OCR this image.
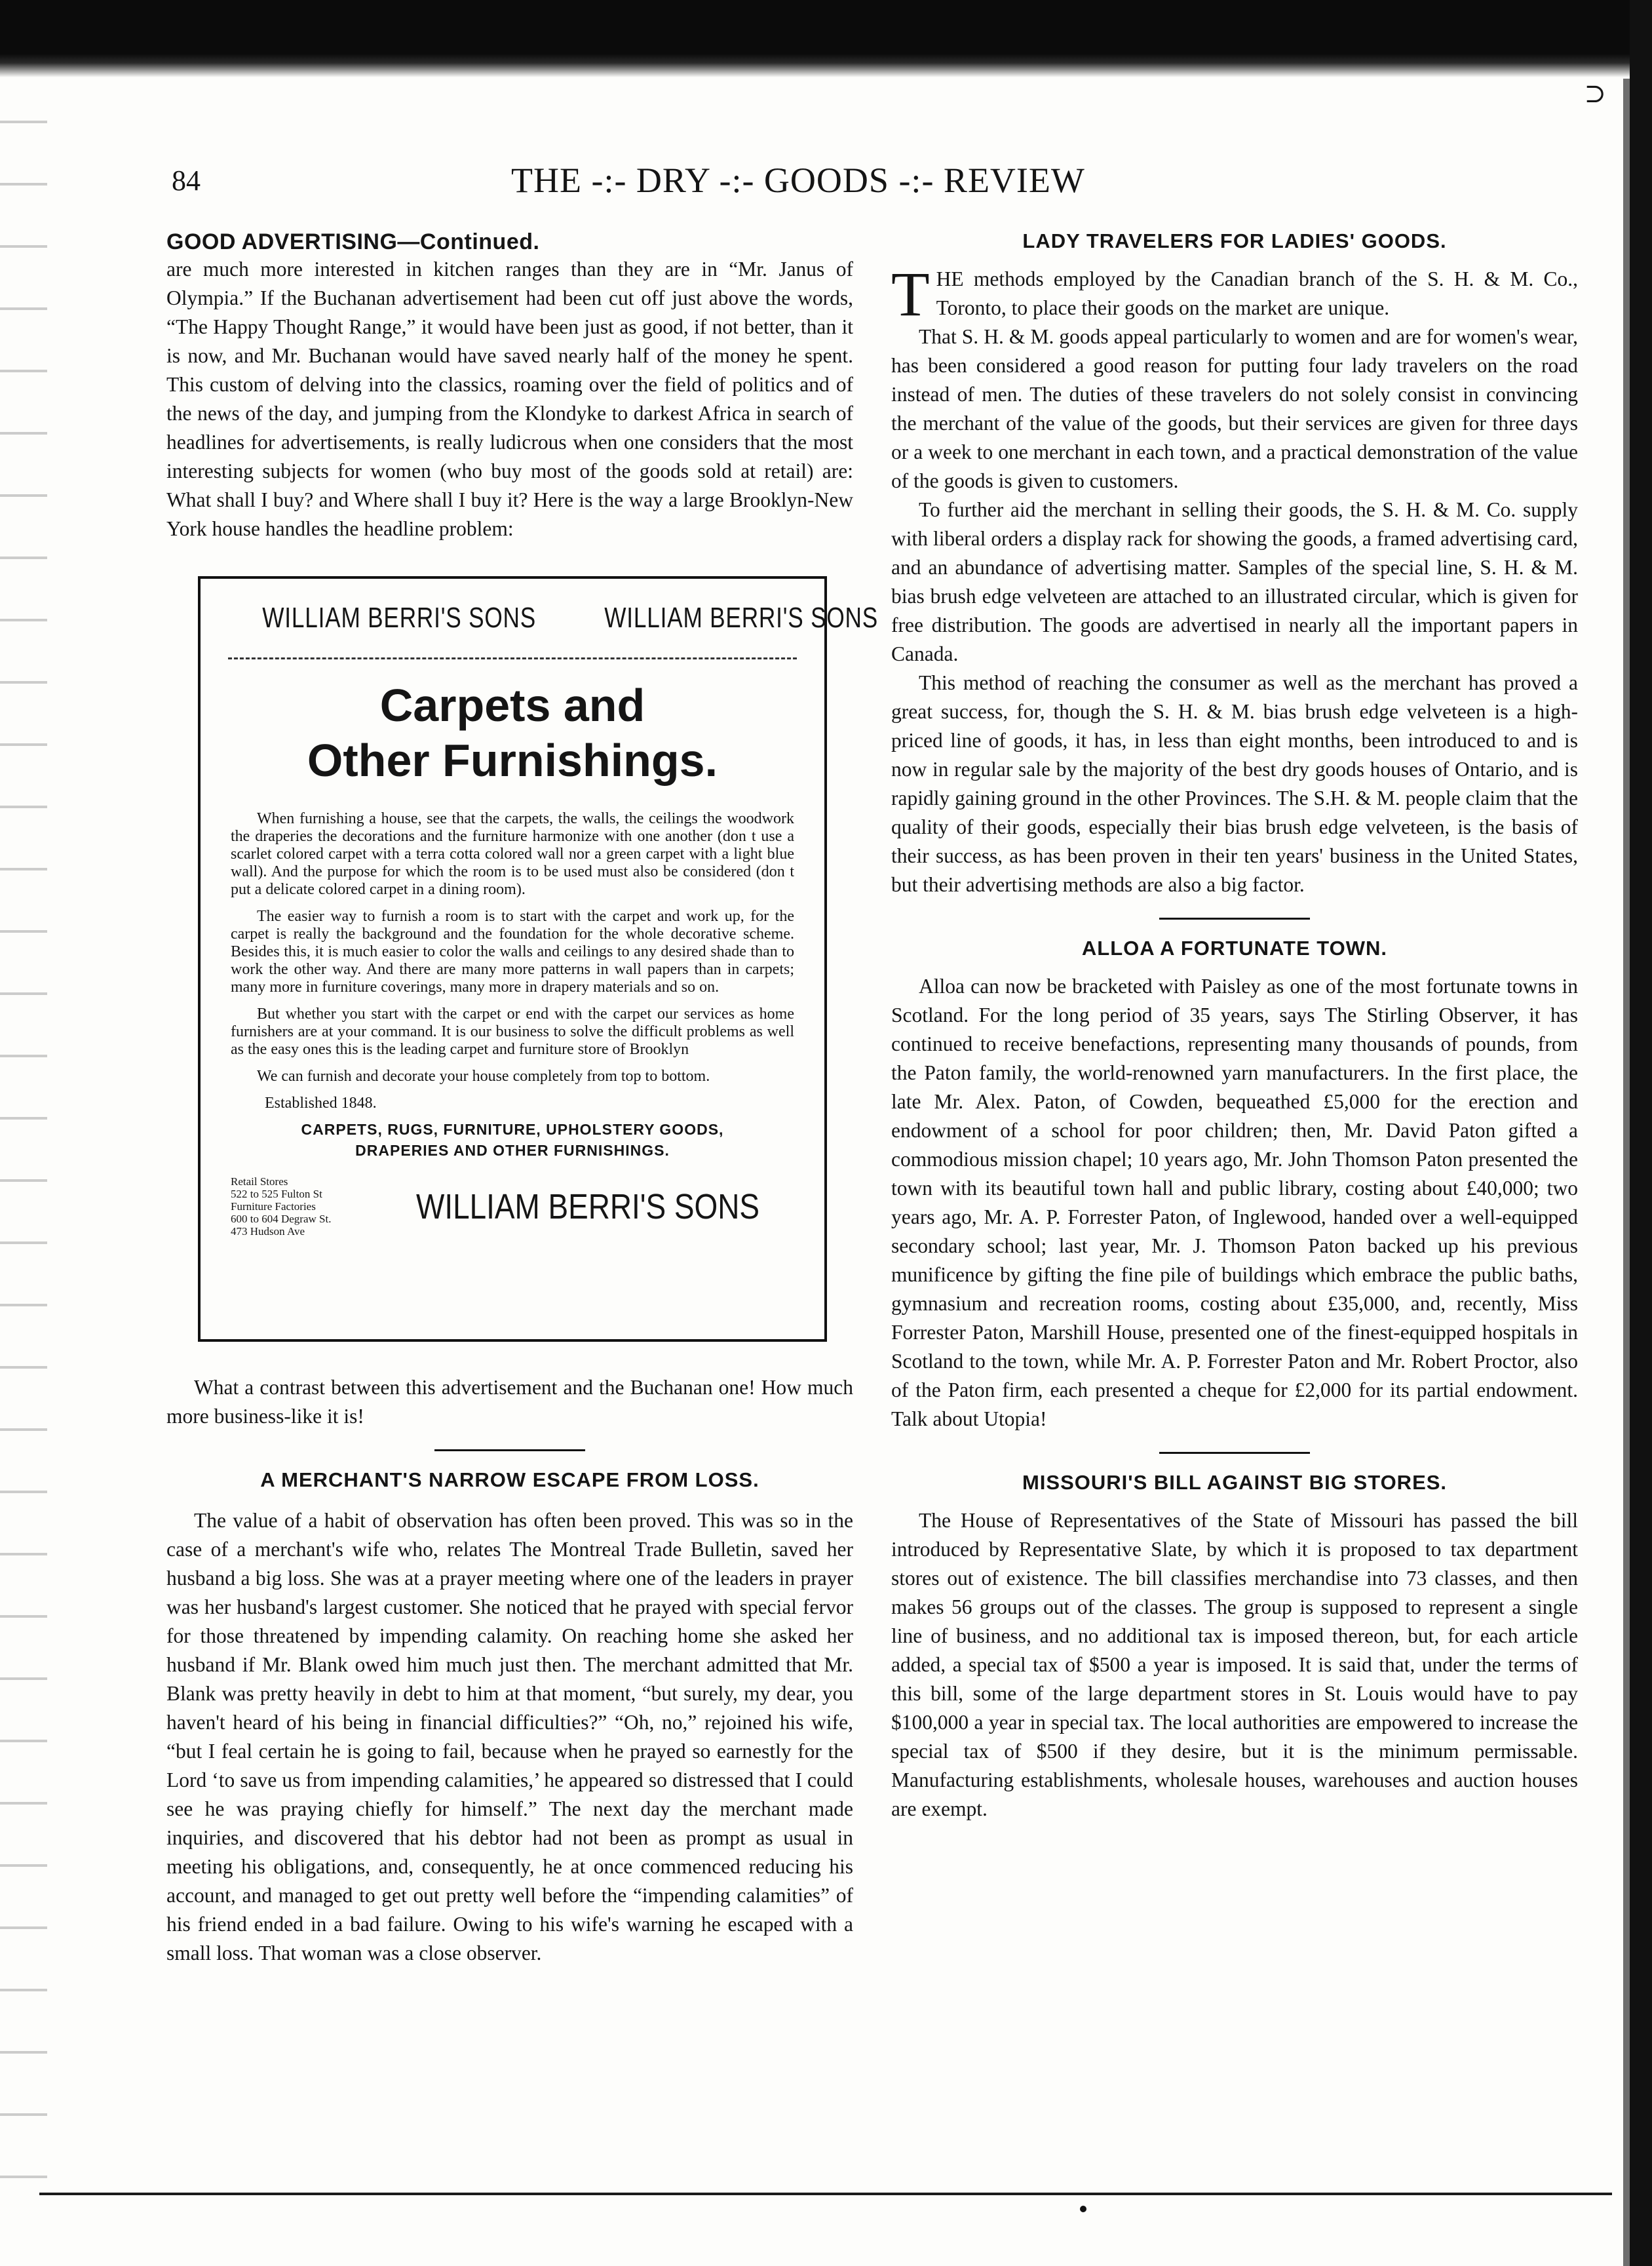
⊃
84	THE -:- DRY -:- GOODS -:- REVIEW
GOOD ADVERTISING—Continued.

are much more interested in kitchen ranges than they are in “Mr. Janus of Olympia.” If the Buchanan advertisement had been cut off just above the words, “The Happy Thought Range,” it would have been just as good, if not better, than it is now, and Mr. Buchanan would have saved nearly half of the money he spent. This custom of delving into the classics, roaming over the field of politics and of the news of the day, and jumping from the Klondyke to darkest Africa in search of headlines for advertisements, is really ludicrous when one considers that the most interesting subjects for women (who buy most of the goods sold at retail) are: What shall I buy? and Where shall I buy it? Here is the way a large Brooklyn-New York house handles the headline problem:

WILLIAM BERRI'S SONS WILLIAM BERRI'S SONS
Carpets and
Other Furnishings.

When furnishing a house, see that the carpets, the walls, the ceilings the woodwork the draperies the decorations and the furniture harmonize with one another (don t use a scarlet colored carpet with a terra cotta colored wall nor a green carpet with a light blue wall). And the purpose for which the room is to be used must also be considered (don t put a delicate colored carpet in a dining room).

The easier way to furnish a room is to start with the carpet and work up, for the carpet is really the background and the foundation for the whole decorative scheme. Besides this, it is much easier to color the walls and ceilings to any desired shade than to work the other way. And there are many more patterns in wall papers than in carpets; many more in furniture coverings, many more in drapery materials and so on.

But whether you start with the carpet or end with the carpet our services as home furnishers are at your command. It is our business to solve the difficult problems as well as the easy ones this is the leading carpet and furniture store of Brooklyn

We can furnish and decorate your house completely from top to bottom.

Established 1848.
CARPETS, RUGS, FURNITURE, UPHOLSTERY GOODS,
DRAPERIES AND OTHER FURNISHINGS.
Retail Stores
522 to 525 Fulton St
Furniture Factories
600 to 604 Degraw St.
473 Hudson Ave
WILLIAM BERRI'S SONS

What a contrast between this advertisement and the Buchanan one! How much more business-like it is!

A MERCHANT'S NARROW ESCAPE FROM LOSS.

The value of a habit of observation has often been proved. This was so in the case of a merchant's wife who, relates The Montreal Trade Bulletin, saved her husband a big loss. She was at a prayer meeting where one of the leaders in prayer was her husband's largest customer. She noticed that he prayed with special fervor for those threatened by impending calamity. On reaching home she asked her husband if Mr. Blank owed him much just then. The merchant admitted that Mr. Blank was pretty heavily in debt to him at that moment, “but surely, my dear, you haven't heard of his being in financial difficulties?” “Oh, no,” rejoined his wife, “but I feal certain he is going to fail, because when he prayed so earnestly for the Lord ‘to save us from impending calamities,’ he appeared so distressed that I could see he was praying chiefly for himself.” The next day the merchant made inquiries, and discovered that his debtor had not been as prompt as usual in meeting his obligations, and, consequently, he at once commenced reducing his account, and managed to get out pretty well before the “impending calamities” of his friend ended in a bad failure. Owing to his wife's warning he escaped with a small loss. That woman was a close observer.

LADY TRAVELERS FOR LADIES' GOODS.

THE methods employed by the Canadian branch of the S. H. & M. Co., Toronto, to place their goods on the market are unique.

That S. H. & M. goods appeal particularly to women and are for women's wear, has been considered a good reason for putting four lady travelers on the road instead of men. The duties of these travelers do not solely consist in convincing the merchant of the value of the goods, but their services are given for three days or a week to one merchant in each town, and a practical demonstration of the value of the goods is given to customers.

To further aid the merchant in selling their goods, the S. H. & M. Co. supply with liberal orders a display rack for showing the goods, a framed advertising card, and an abundance of advertising matter. Samples of the special line, S. H. & M. bias brush edge velveteen are attached to an illustrated circular, which is given for free distribution. The goods are advertised in nearly all the important papers in Canada.

This method of reaching the consumer as well as the merchant has proved a great success, for, though the S. H. & M. bias brush edge velveteen is a high-priced line of goods, it has, in less than eight months, been introduced to and is now in regular sale by the majority of the best dry goods houses of Ontario, and is rapidly gaining ground in the other Provinces. The S.H. & M. people claim that the quality of their goods, especially their bias brush edge velveteen, is the basis of their success, as has been proven in their ten years' business in the United States, but their advertising methods are also a big factor.

ALLOA A FORTUNATE TOWN.

Alloa can now be bracketed with Paisley as one of the most fortunate towns in Scotland. For the long period of 35 years, says The Stirling Observer, it has continued to receive benefactions, representing many thousands of pounds, from the Paton family, the world-renowned yarn manufacturers. In the first place, the late Mr. Alex. Paton, of Cowden, bequeathed £5,000 for the erection and endowment of a school for poor children; then, Mr. David Paton gifted a commodious mission chapel; 10 years ago, Mr. John Thomson Paton presented the town with its beautiful town hall and public library, costing about £40,000; two years ago, Mr. A. P. Forrester Paton, of Inglewood, handed over a well-equipped secondary school; last year, Mr. J. Thomson Paton backed up his previous munificence by gifting the fine pile of buildings which embrace the public baths, gymnasium and recreation rooms, costing about £35,000, and, recently, Miss Forrester Paton, Marshill House, presented one of the finest-equipped hospitals in Scotland to the town, while Mr. A. P. Forrester Paton and Mr. Robert Proctor, also of the Paton firm, each presented a cheque for £2,000 for its partial endowment. Talk about Utopia!

MISSOURI'S BILL AGAINST BIG STORES.

The House of Representatives of the State of Missouri has passed the bill introduced by Representative Slate, by which it is proposed to tax department stores out of existence. The bill classifies merchandise into 73 classes, and then makes 56 groups out of the classes. The group is supposed to represent a single line of business, and no additional tax is imposed thereon, but, for each article added, a special tax of $500 a year is imposed. It is said that, under the terms of this bill, some of the large department stores in St. Louis would have to pay $100,000 a year in special tax. The local authorities are empowered to increase the special tax of $500 if they desire, but it is the minimum permissable. Manufacturing establishments, wholesale houses, warehouses and auction houses are exempt.
